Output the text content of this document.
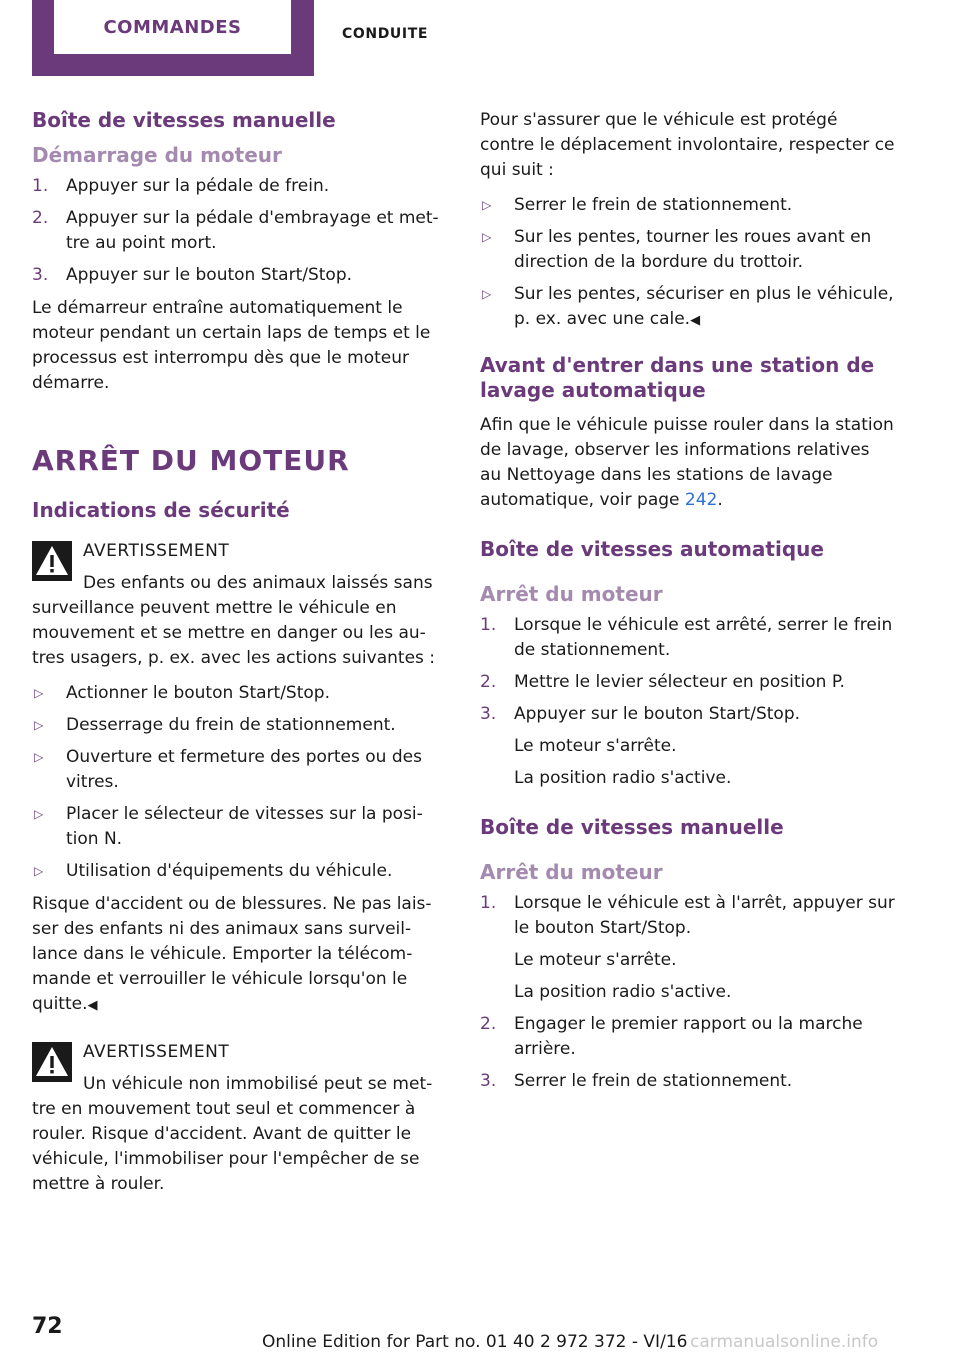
COMMANDES	CONDUITE
Boîte de vitesses manuelle
Démarrage du moteur
1. Appuyer sur la pédale de frein.
2. Appuyer sur la pédale d'embrayage et mettre au point mort.
3. Appuyer sur le bouton Start/Stop.

Le démarreur entraîne automatiquement le moteur pendant un certain laps de temps et le processus est interrompu dès que le moteur démarre.

ARRÊT DU MOTEUR
Indications de sécurité
AVERTISSEMENT
Des enfants ou des animaux laissés sans surveillance peuvent mettre le véhicule en mouvement et se mettre en danger ou les autres usagers, p. ex. avec les actions suivantes :
▷ Actionner le bouton Start/Stop.
▷ Desserrage du frein de stationnement.
▷ Ouverture et fermeture des portes ou des vitres.
▷ Placer le sélecteur de vitesses sur la position N.
▷ Utilisation d'équipements du véhicule.

Risque d'accident ou de blessures. Ne pas laisser des enfants ni des animaux sans surveillance dans le véhicule. Emporter la télécommande et verrouiller le véhicule lorsqu'on le quitte.◀

AVERTISSEMENT
Un véhicule non immobilisé peut se mettre en mouvement tout seul et commencer à rouler. Risque d'accident. Avant de quitter le véhicule, l'immobiliser pour l'empêcher de se mettre à rouler.

Pour s'assurer que le véhicule est protégé contre le déplacement involontaire, respecter ce qui suit :

▷ Serrer le frein de stationnement.
▷ Sur les pentes, tourner les roues avant en direction de la bordure du trottoir.
▷ Sur les pentes, sécuriser en plus le véhicule, p. ex. avec une cale.◀
Avant d'entrer dans une station de lavage automatique

Afin que le véhicule puisse rouler dans la station de lavage, observer les informations relatives au Nettoyage dans les stations de lavage automatique, voir page 242.

Boîte de vitesses automatique
Arrêt du moteur
1. Lorsque le véhicule est arrêté, serrer le frein de stationnement.
2. Mettre le levier sélecteur en position P.
3. Appuyer sur le bouton Start/Stop.
Le moteur s'arrête.
La position radio s'active.
Boîte de vitesses manuelle
Arrêt du moteur
1. Lorsque le véhicule est à l'arrêt, appuyer sur le bouton Start/Stop.
Le moteur s'arrête.
La position radio s'active.
2. Engager le premier rapport ou la marche arrière.
3. Serrer le frein de stationnement.
72
Online Edition for Part no. 01 40 2 972 372 - VI/16 carmanualsonline.info
